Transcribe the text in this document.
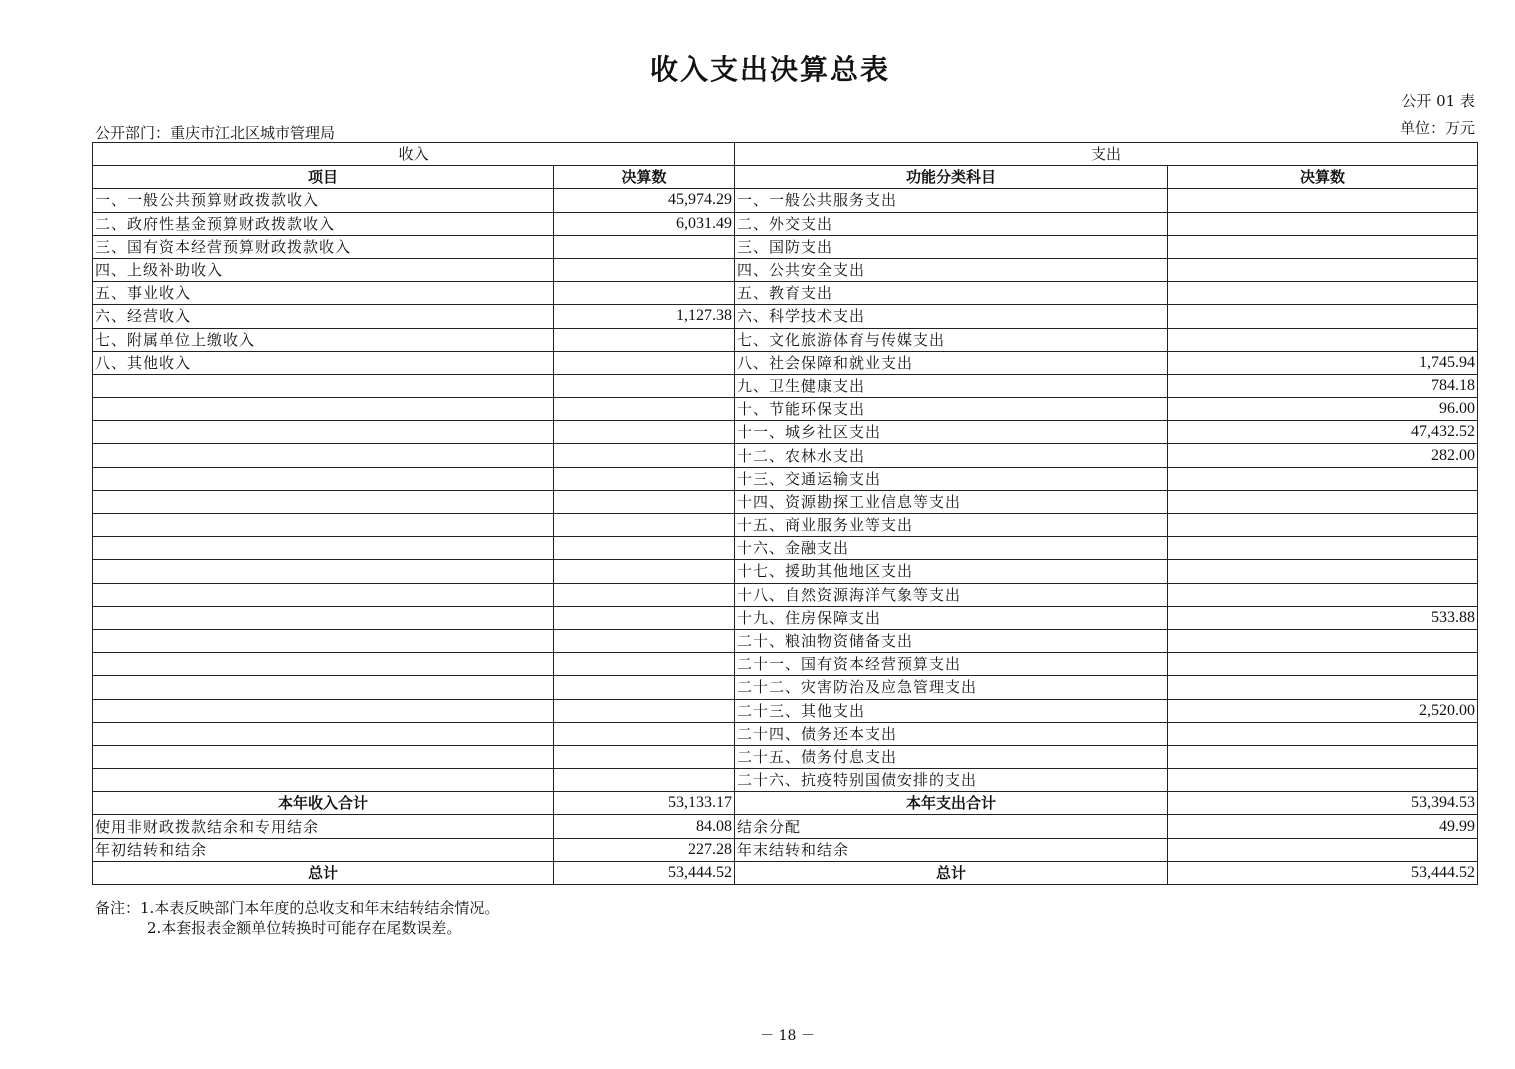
收入支出决算总表
公开 01 表
单位：万元
公开部门：重庆市江北区城市管理局
收入		支出	
项目	决算数	功能分类科目	决算数
一、一般公共预算财政拨款收入	45,974.29	一、一般公共服务支出	
二、政府性基金预算财政拨款收入	6,031.49	二、外交支出	
三、国有资本经营预算财政拨款收入		三、国防支出	
四、上级补助收入		四、公共安全支出	
五、事业收入		五、教育支出	
六、经营收入	1,127.38	六、科学技术支出	
七、附属单位上缴收入		七、文化旅游体育与传媒支出	
八、其他收入		八、社会保障和就业支出	1,745.94
		九、卫生健康支出	784.18
		十、节能环保支出	96.00
		十一、城乡社区支出	47,432.52
		十二、农林水支出	282.00
		十三、交通运输支出	
		十四、资源勘探工业信息等支出	
		十五、商业服务业等支出	
		十六、金融支出	
		十七、援助其他地区支出	
		十八、自然资源海洋气象等支出	
		十九、住房保障支出	533.88
		二十、粮油物资储备支出	
		二十一、国有资本经营预算支出	
		二十二、灾害防治及应急管理支出	
		二十三、其他支出	2,520.00
		二十四、债务还本支出	
		二十五、债务付息支出	
		二十六、抗疫特别国债安排的支出	
本年收入合计	53,133.17	本年支出合计	53,394.53
使用非财政拨款结余和专用结余	84.08	结余分配	49.99
年初结转和结余	227.28	年末结转和结余	
总计	53,444.52	总计	53,444.52
备注：1.本表反映部门本年度的总收支和年末结转结余情况。
2.本套报表金额单位转换时可能存在尾数误差。
－ 18 －
